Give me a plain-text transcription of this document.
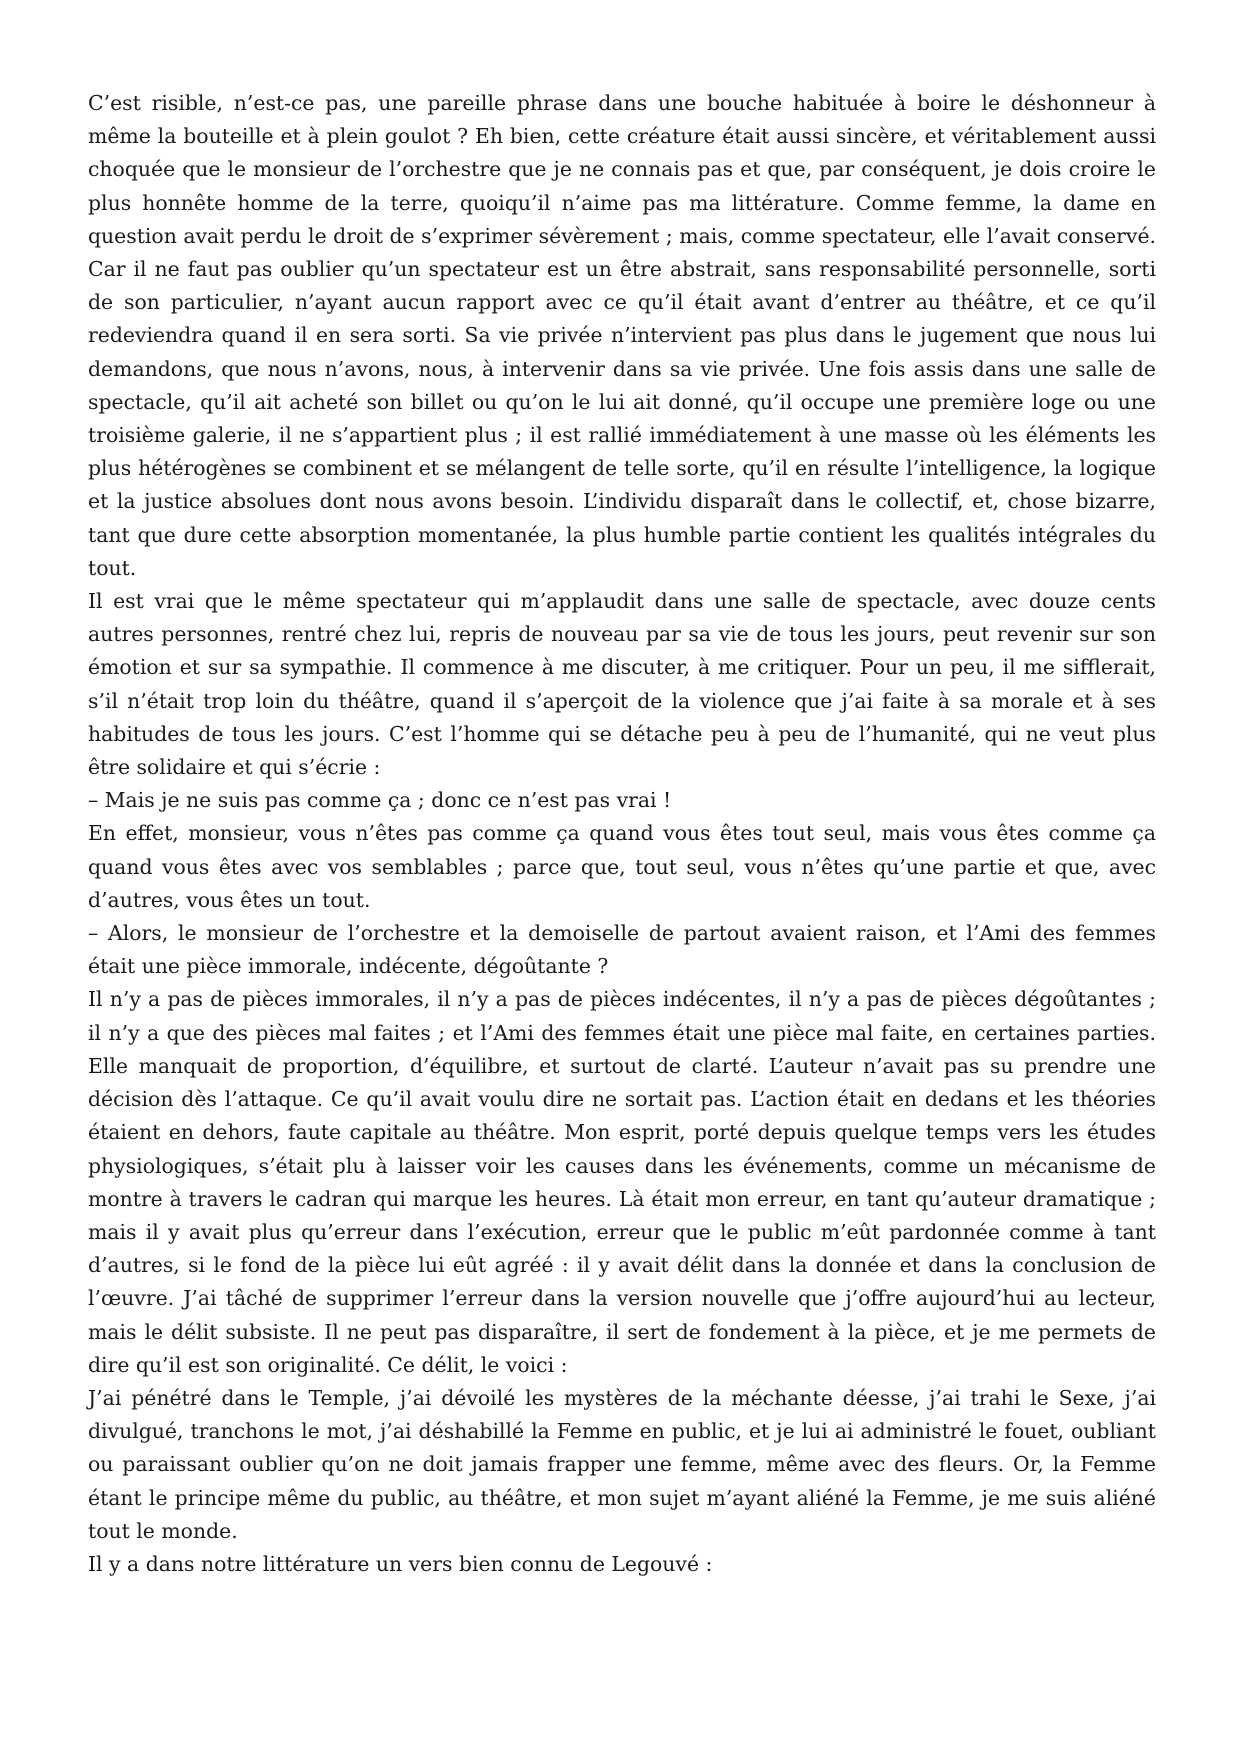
C’est risible, n’est-ce pas, une pareille phrase dans une bouche habituée à boire le déshonneur à même la bouteille et à plein goulot ? Eh bien, cette créature était aussi sincère, et véritablement aussi choquée que le monsieur de l’orchestre que je ne connais pas et que, par conséquent, je dois croire le plus honnête homme de la terre, quoiqu’il n’aime pas ma littérature. Comme femme, la dame en question avait perdu le droit de s’exprimer sévèrement ; mais, comme spectateur, elle l’avait conservé. Car il ne faut pas oublier qu’un spectateur est un être abstrait, sans responsabilité personnelle, sorti de son particulier, n’ayant aucun rapport avec ce qu’il était avant d’entrer au théâtre, et ce qu’il redeviendra quand il en sera sorti. Sa vie privée n’intervient pas plus dans le jugement que nous lui demandons, que nous n’avons, nous, à intervenir dans sa vie privée. Une fois assis dans une salle de spectacle, qu’il ait acheté son billet ou qu’on le lui ait donné, qu’il occupe une première loge ou une troisième galerie, il ne s’appartient plus ; il est rallié immédiatement à une masse où les éléments les plus hétérogènes se combinent et se mélangent de telle sorte, qu’il en résulte l’intelligence, la logique et la justice absolues dont nous avons besoin. L’individu disparaît dans le collectif, et, chose bizarre, tant que dure cette absorption momentanée, la plus humble partie contient les qualités intégrales du tout.

Il est vrai que le même spectateur qui m’applaudit dans une salle de spectacle, avec douze cents autres personnes, rentré chez lui, repris de nouveau par sa vie de tous les jours, peut revenir sur son émotion et sur sa sympathie. Il commence à me discuter, à me critiquer. Pour un peu, il me sifflerait, s’il n’était trop loin du théâtre, quand il s’aperçoit de la violence que j’ai faite à sa morale et à ses habitudes de tous les jours. C’est l’homme qui se détache peu à peu de l’humanité, qui ne veut plus être solidaire et qui s’écrie :

– Mais je ne suis pas comme ça ; donc ce n’est pas vrai !

En effet, monsieur, vous n’êtes pas comme ça quand vous êtes tout seul, mais vous êtes comme ça quand vous êtes avec vos semblables ; parce que, tout seul, vous n’êtes qu’une partie et que, avec d’autres, vous êtes un tout.

– Alors, le monsieur de l’orchestre et la demoiselle de partout avaient raison, et l’Ami des femmes était une pièce immorale, indécente, dégoûtante ?

Il n’y a pas de pièces immorales, il n’y a pas de pièces indécentes, il n’y a pas de pièces dégoûtantes ; il n’y a que des pièces mal faites ; et l’Ami des femmes était une pièce mal faite, en certaines parties. Elle manquait de proportion, d’équilibre, et surtout de clarté. L’auteur n’avait pas su prendre une décision dès l’attaque. Ce qu’il avait voulu dire ne sortait pas. L’action était en dedans et les théories étaient en dehors, faute capitale au théâtre. Mon esprit, porté depuis quelque temps vers les études physiologiques, s’était plu à laisser voir les causes dans les événements, comme un mécanisme de montre à travers le cadran qui marque les heures. Là était mon erreur, en tant qu’auteur dramatique ; mais il y avait plus qu’erreur dans l’exécution, erreur que le public m’eût pardonnée comme à tant d’autres, si le fond de la pièce lui eût agréé : il y avait délit dans la donnée et dans la conclusion de l’œuvre. J’ai tâché de supprimer l’erreur dans la version nouvelle que j’offre aujourd’hui au lecteur, mais le délit subsiste. Il ne peut pas disparaître, il sert de fondement à la pièce, et je me permets de dire qu’il est son originalité. Ce délit, le voici :

J’ai pénétré dans le Temple, j’ai dévoilé les mystères de la méchante déesse, j’ai trahi le Sexe, j’ai divulgué, tranchons le mot, j’ai déshabillé la Femme en public, et je lui ai administré le fouet, oubliant ou paraissant oublier qu’on ne doit jamais frapper une femme, même avec des fleurs. Or, la Femme étant le principe même du public, au théâtre, et mon sujet m’ayant aliéné la Femme, je me suis aliéné tout le monde.

Il y a dans notre littérature un vers bien connu de Legouvé :
